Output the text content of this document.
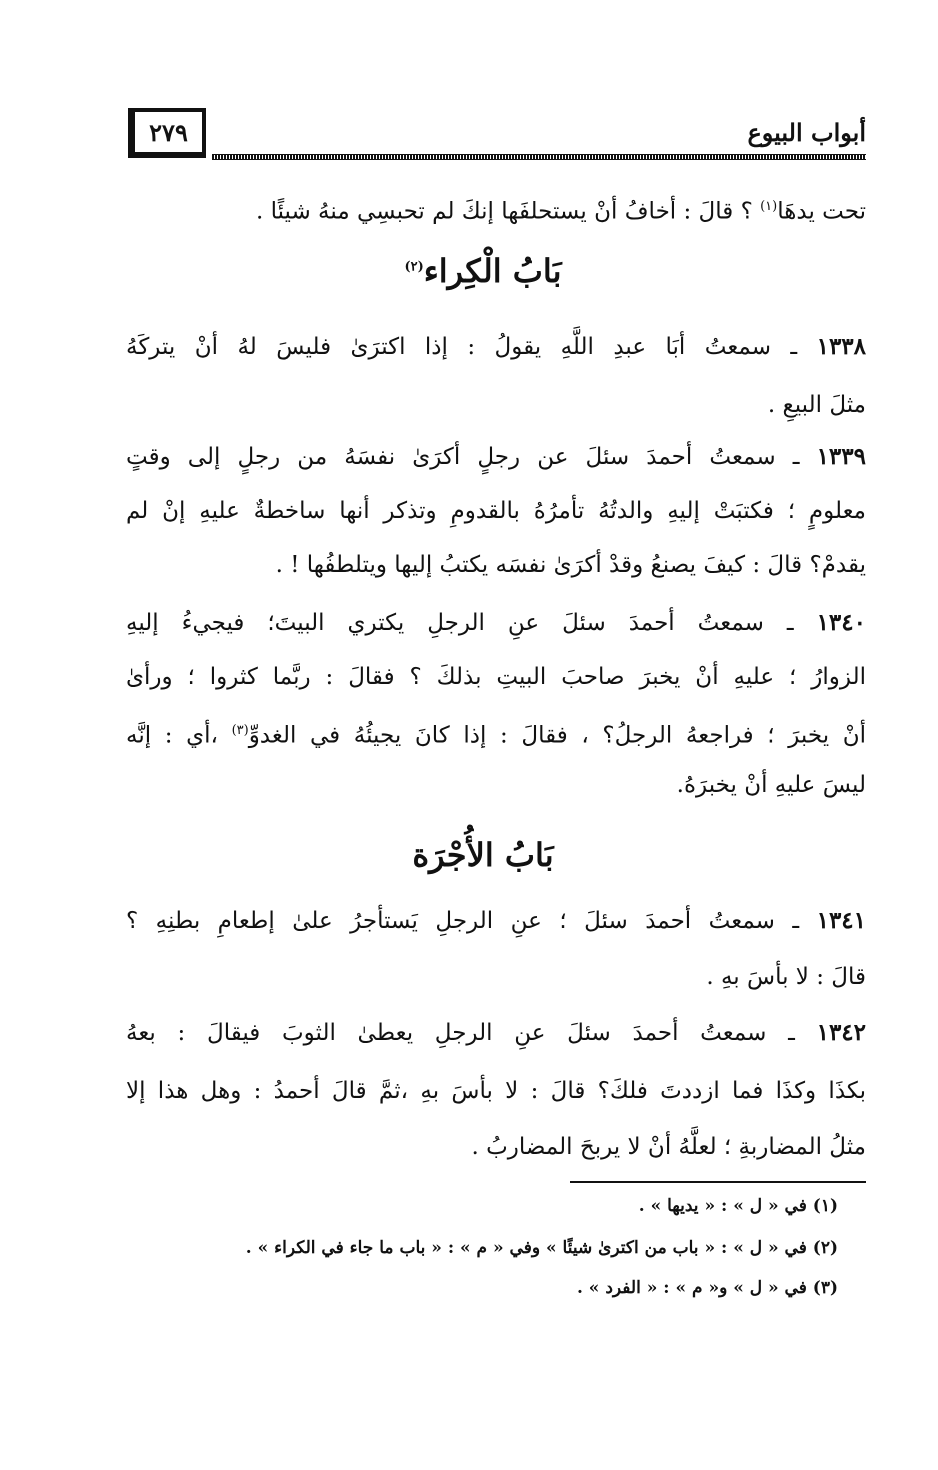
٢٧٩	أبواب البيوع
تحت يدهَا$^{(١)}$ ؟ قالَ : أخافُ أنْ يستحلفَها إنكَ لم تحبسِي منهُ شيئًا .
بَابُ الْكِراء$^{(٢)}$
١٣٣٨ ـ سمعتُ أبَا عبدِ اللَّهِ يقولُ : إذا اكترَىٰ فليسَ لهُ أنْ يتركَهُ
مثلَ البيعِ .
١٣٣٩ ـ سمعتُ أحمدَ سئلَ عن رجلٍ أكرَىٰ نفسَهُ من رجلٍ إلى وقتٍ
معلومٍ ؛ فكتبَتْ إليهِ والدتُهُ تأمرُهُ بالقدومِ وتذكر أنها ساخطةٌ عليهِ إنْ لم
يقدمْ؟ قالَ : كيفَ يصنعُ وقدْ أكرَىٰ نفسَه يكتبُ إليها ويتلطفُها ! .
١٣٤٠ ـ سمعتُ أحمدَ سئلَ عنِ الرجلِ يكتري البيتَ؛ فيجيءُ إليهِ
الزوارُ ؛ عليهِ أنْ يخبرَ صاحبَ البيتِ بذلكَ ؟ فقالَ : ربَّما كثروا ؛ ورأىٰ
أنْ يخبرَ ؛ فراجعهُ الرجلُ؟ ، فقالَ : إذا كانَ يجيئُهُ في الغدوِّ$^{(٣)}$ ،أي : إنَّه
ليسَ عليهِ أنْ يخبرَهُ.
بَابُ الأُجْرَة
١٣٤١ ـ سمعتُ أحمدَ سئلَ ؛ عنِ الرجلِ يَستأجرُ علىٰ إطعامِ بطنِهِ ؟
قالَ : لا بأسَ بهِ .
١٣٤٢ ـ سمعتُ أحمدَ سئلَ عنِ الرجلِ يعطىٰ الثوبَ فيقالَ : بعهُ
بكذَا وكذَا فما ازددتَ فلكَ؟ قالَ : لا بأسَ بهِ ،ثمَّ قالَ أحمدُ : وهل هذا إلا
مثلُ المضاربةِ ؛ لعلَّهُ أنْ لا يربحَ المضاربُ .
(١) في « ل » : « يديها » .
(٢) في « ل » : « باب من اكترىٰ شيئًا » وفي « م » : « باب ما جاء في الكراء » .
(٣) في « ل » و« م » : « الفرد » .
